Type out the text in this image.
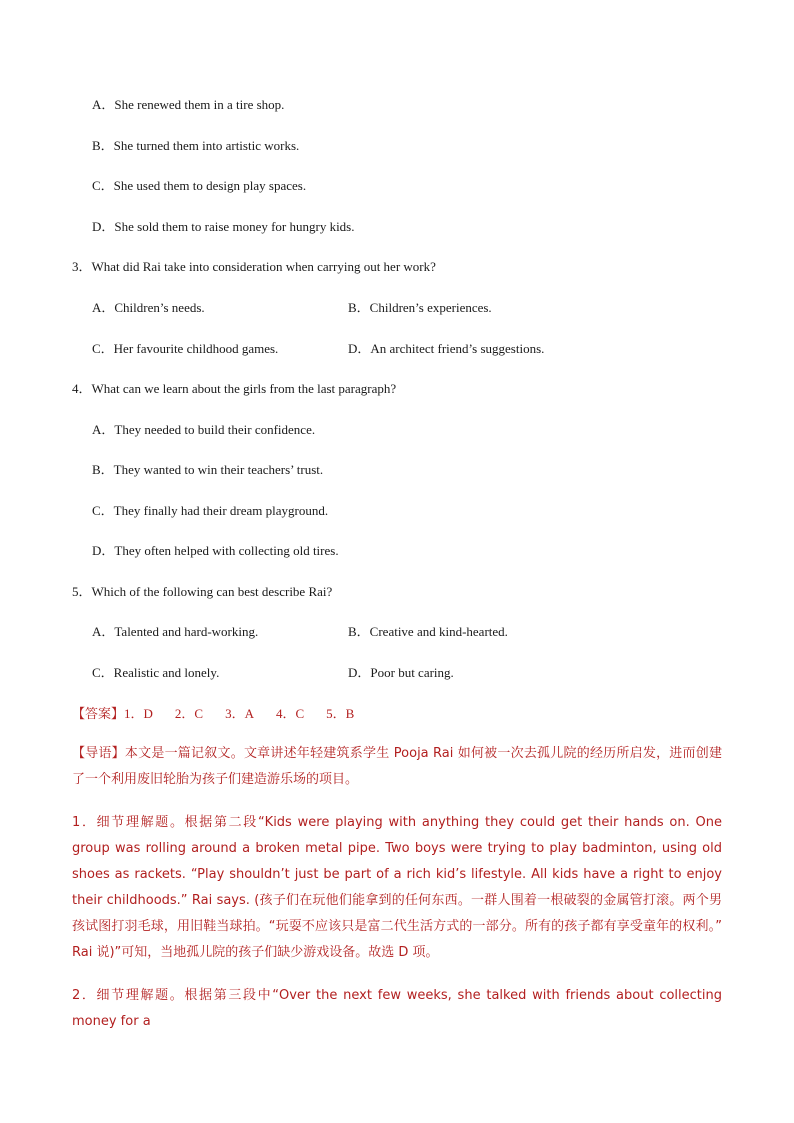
A．She renewed them in a tire shop.
B．She turned them into artistic works.
C．She used them to design play spaces.
D．She sold them to raise money for hungry kids.
3．What did Rai take into consideration when carrying out her work?
A．Children’s needs.	B．Children’s experiences.
C．Her favourite childhood games.	D．An architect friend’s suggestions.
4．What can we learn about the girls from the last paragraph?
A．They needed to build their confidence.
B．They wanted to win their teachers’ trust.
C．They finally had their dream playground.
D．They often helped with collecting old tires.
5．Which of the following can best describe Rai?
A．Talented and hard-working.	B．Creative and kind-hearted.
C．Realistic and lonely.	D．Poor but caring.
【答案】1．D 2．C 3．A 4．C 5．B
【导语】本文是一篇记叙文。文章讲述年轻建筑系学生 Pooja Rai 如何被一次去孤儿院的经历所启发，进而创建了一个利用废旧轮胎为孩子们建造游乐场的项目。
1．细节理解题。根据第二段“Kids were playing with anything they could get their hands on. One group was rolling around a broken metal pipe. Two boys were trying to play badminton, using old shoes as rackets. “Play shouldn’t just be part of a rich kid’s lifestyle. All kids have a right to enjoy their childhoods.” Rai says. (孩子们在玩他们能拿到的任何东西。一群人围着一根破裂的金属管打滚。两个男孩试图打羽毛球，用旧鞋当球拍。“玩耍不应该只是富二代生活方式的一部分。所有的孩子都有享受童年的权利。” Rai 说)”可知，当地孤儿院的孩子们缺少游戏设备。故选 D 项。
2．细节理解题。根据第三段中“Over the next few weeks, she talked with friends about collecting money for a
